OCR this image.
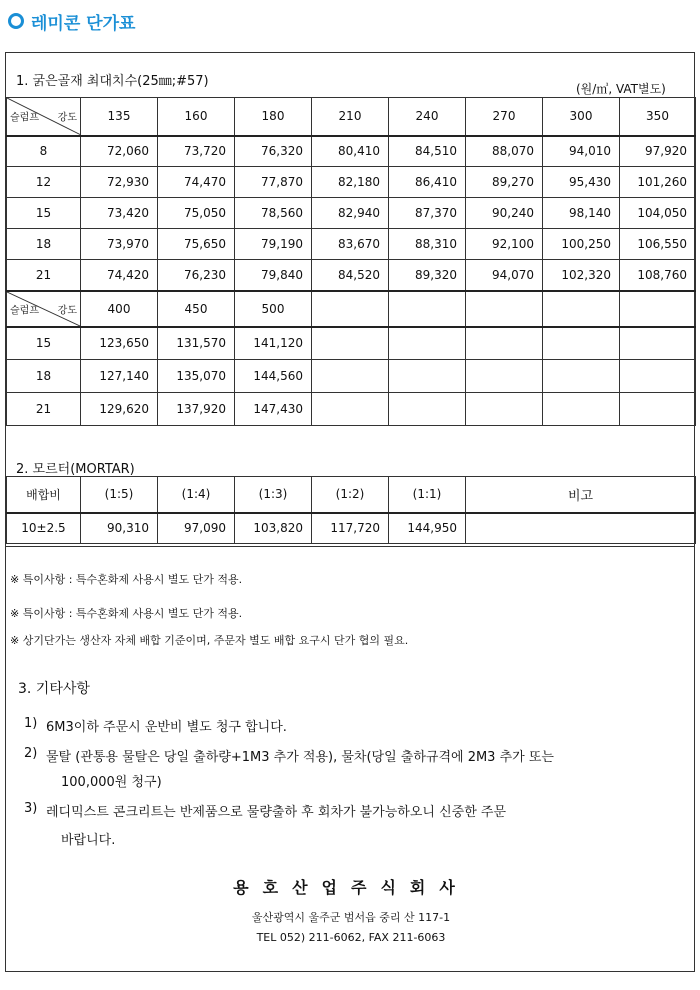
레미콘 단가표
1. 굵은골재 최대치수(25㎜;#57)	(원/㎥, VAT별도)
슬럼프 강도	135	160	180	210	240	270	300	350
8	72,060	73,720	76,320	80,410	84,510	88,070	94,010	97,920
12	72,930	74,470	77,870	82,180	86,410	89,270	95,430	101,260
15	73,420	75,050	78,560	82,940	87,370	90,240	98,140	104,050
18	73,970	75,650	79,190	83,670	88,310	92,100	100,250	106,550
21	74,420	76,230	79,840	84,520	89,320	94,070	102,320	108,760

슬럼프 강도	400	450	500					
15	123,650	131,570	141,120					
18	127,140	135,070	144,560					
21	129,620	137,920	147,430					
2. 모르터(MORTAR)
배합비	(1:5)	(1:4)	(1:3)	(1:2)	(1:1)	비고
10±2.5	90,310	97,090	103,820	117,720	144,950	
※ 특이사항 : 특수혼화제 사용시 별도 단가 적용.
※ 특이사항 : 특수혼화제 사용시 별도 단가 적용.
※ 상기단가는 생산자 자체 배합 기준이며, 주문자 별도 배합 요구시 단가 협의 필요.
3. 기타사항
1) 6M3이하 주문시 운반비 별도 청구 합니다.
2) 물탈 (관통용 물탈은 당일 출하량+1M3 추가 적용), 물차(당일 출하규격에 2M3 추가 또는
100,000원 청구)
3) 레디믹스트 콘크리트는 반제품으로 물량출하 후 회차가 불가능하오니 신중한 주문
바랍니다.
용호산업주식회사
울산광역시 울주군 범서읍 중리 산 117-1
TEL 052) 211-6062, FAX 211-6063
